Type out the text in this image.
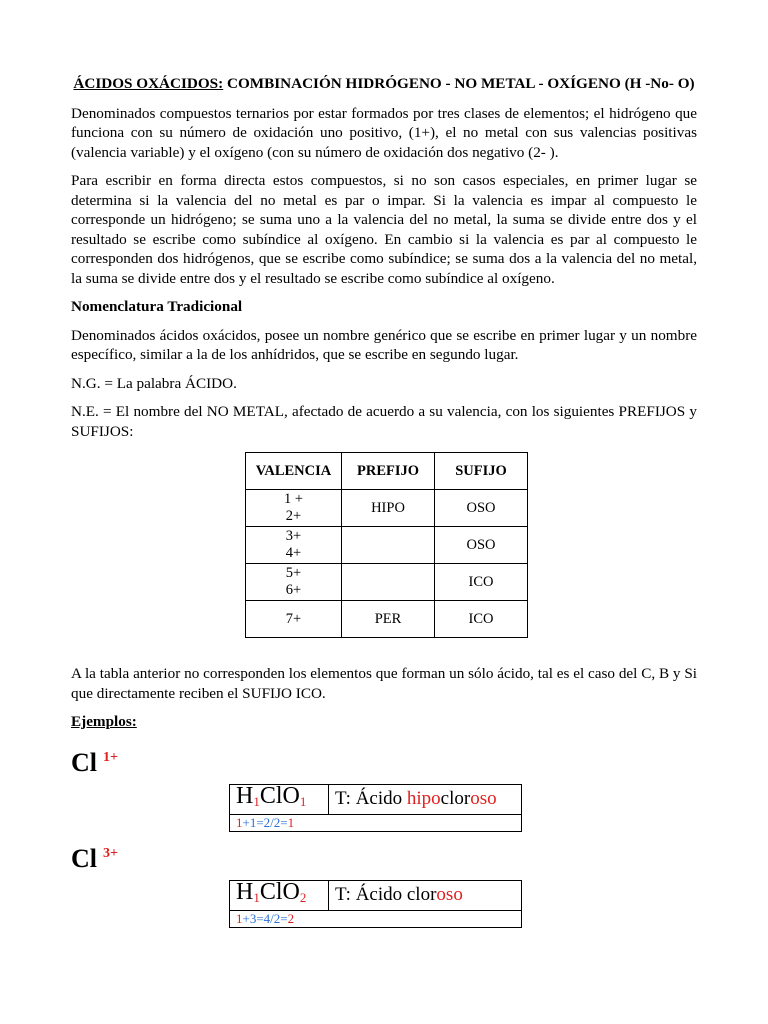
ÁCIDOS OXÁCIDOS: COMBINACIÓN HIDRÓGENO - NO METAL - OXÍGENO (H -No- O)

Denominados compuestos ternarios por estar formados por tres clases de elementos; el hidrógeno que funciona con su número de oxidación uno positivo, (1+), el no metal con sus valencias positivas (valencia variable) y el oxígeno (con su número de oxidación dos negativo (2- ).

Para escribir en forma directa estos compuestos, si no son casos especiales, en primer lugar se determina si la valencia del no metal es par o impar. Si la valencia es impar al compuesto le corresponde un hidrógeno; se suma uno a la valencia del no metal, la suma se divide entre dos y el resultado se escribe como subíndice al oxígeno. En cambio si la valencia es par al compuesto le corresponden dos hidrógenos, que se escribe como subíndice; se suma dos a la valencia del no metal, la suma se divide entre dos y el resultado se escribe como subíndice al oxígeno.

Nomenclatura Tradicional

Denominados ácidos oxácidos, posee un nombre genérico que se escribe en primer lugar y un nombre específico, similar a la de los anhídridos, que se escribe en segundo lugar.

N.G. = La palabra ÁCIDO.

N.E. = El nombre del NO METAL, afectado de acuerdo a su valencia, con los siguientes PREFIJOS y SUFIJOS:

VALENCIA	PREFIJO	SUFIJO

1 +
2+	HIPO	OSO

3+
4+		OSO

5+
6+		ICO
7+	PER	ICO

A la tabla anterior no corresponden los elementos que forman un sólo ácido, tal es el caso del C, B y Si que directamente reciben el SUFIJO ICO.

Ejemplos:
Cl $^{1+}$
$H_1ClO_1$	T: Ácido hipocloroso
1+1=2/2=1
Cl $^{3+}$
$H_1ClO_2$	T: Ácido cloroso
1+3=4/2=2
